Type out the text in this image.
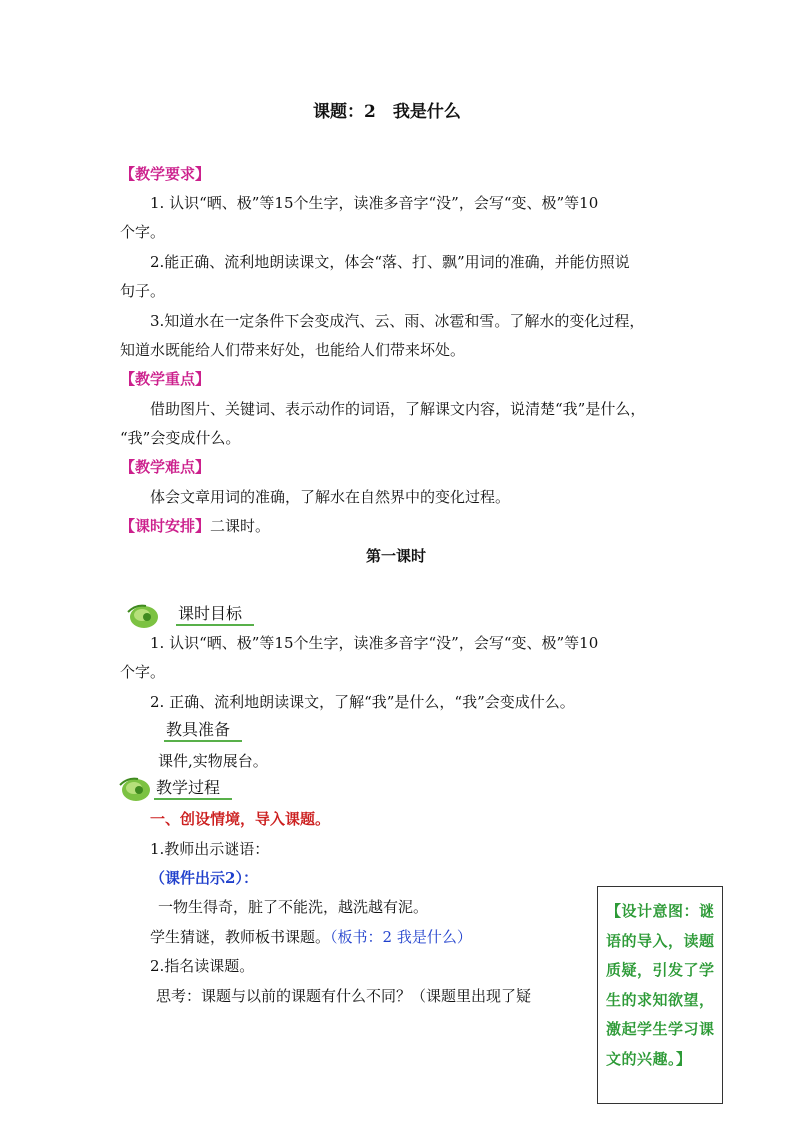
课题：2　我是什么
【教学要求】
1. 认识“晒、极”等15个生字，读准多音字“没”，会写“变、极”等10
个字。
2.能正确、流利地朗读课文，体会“落、打、飘”用词的准确，并能仿照说
句子。
3.知道水在一定条件下会变成汽、云、雨、冰雹和雪。了解水的变化过程，
知道水既能给人们带来好处，也能给人们带来坏处。
【教学重点】
借助图片、关键词、表示动作的词语，了解课文内容，说清楚“我”是什么，
“我”会变成什么。
【教学难点】
体会文章用词的准确，了解水在自然界中的变化过程。
【课时安排】二课时。
第一课时
课时目标
1. 认识“晒、极”等15个生字，读准多音字“没”，会写“变、极”等10
个字。
2. 正确、流利地朗读课文，了解“我”是什么，“我”会变成什么。
教具准备
课件,实物展台。
教学过程
一、创设情境，导入课题。
1.教师出示谜语：
（课件出示2）：
一物生得奇，脏了不能洗，越洗越有泥。
学生猜谜，教师板书课题。（板书：2 我是什么）
2.指名读课题。
思考：课题与以前的课题有什么不同？（课题里出现了疑
【设计意图：谜语的导入，读题质疑，引发了学生的求知欲望，激起学生学习课文的兴趣。】
